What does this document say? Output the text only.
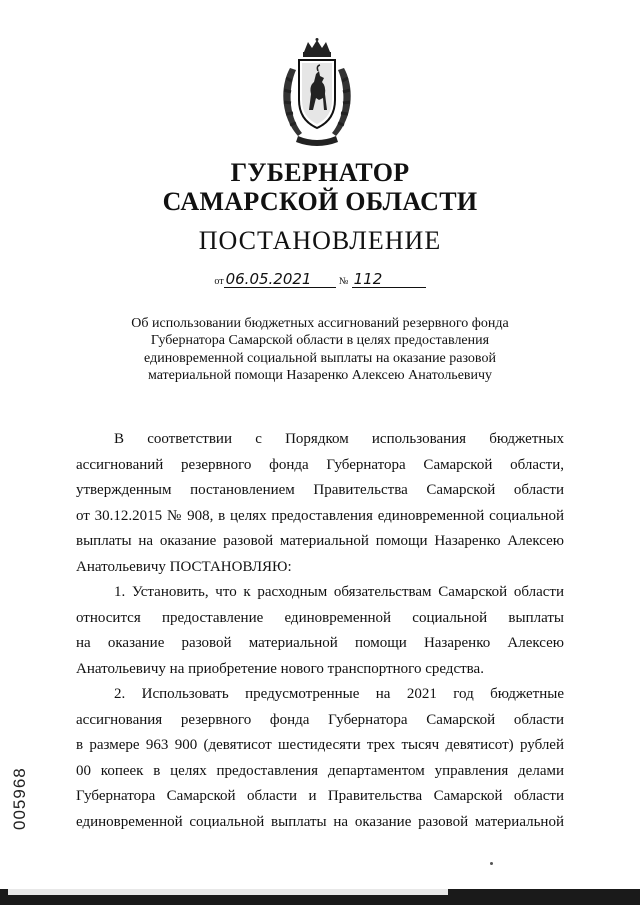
ГУБЕРНАТОР
САМАРСКОЙ ОБЛАСТИ
ПОСТАНОВЛЕНИЕ
от 06.05.2021	№ 112
Об использовании бюджетных ассигнований резервного фонда
Губернатора Самарской области в целях предоставления
единовременной социальной выплаты на оказание разовой
материальной помощи Назаренко Алексею Анатольевичу

В соответствии с Порядком использования бюджетных

ассигнований резервного фонда Губернатора Самарской области,

утвержденным постановлением Правительства Самарской области

от 30.12.2015 № 908, в целях предоставления единовременной социальной

выплаты на оказание разовой материальной помощи Назаренко Алексею

Анатольевичу ПОСТАНОВЛЯЮ:

1. Установить, что к расходным обязательствам Самарской области

относится предоставление единовременной социальной выплаты

на оказание разовой материальной помощи Назаренко Алексею

Анатольевичу на приобретение нового транспортного средства.

2. Использовать предусмотренные на 2021 год бюджетные

ассигнования резервного фонда Губернатора Самарской области

в размере 963 900 (девятисот шестидесяти трех тысяч девятисот) рублей

00 копеек в целях предоставления департаментом управления делами

Губернатора Самарской области и Правительства Самарской области

единовременной социальной выплаты на оказание разовой материальной

005968
